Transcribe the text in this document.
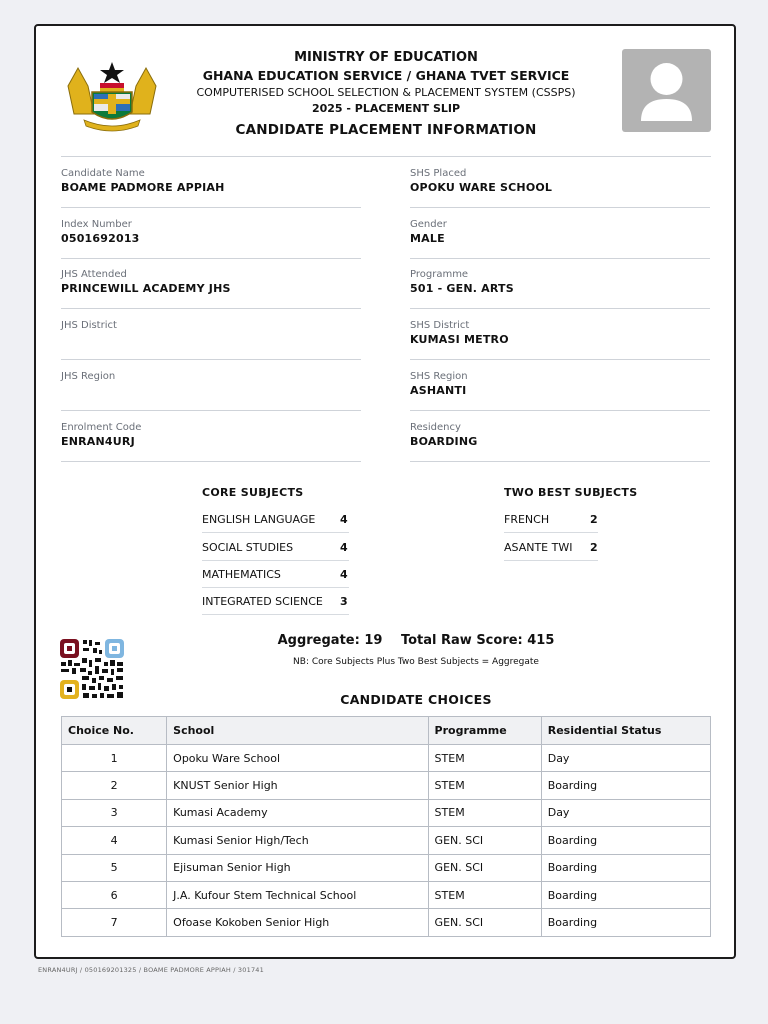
MINISTRY OF EDUCATION
GHANA EDUCATION SERVICE / GHANA TVET SERVICE
COMPUTERISED SCHOOL SELECTION & PLACEMENT SYSTEM (CSSPS)
2025 - PLACEMENT SLIP
CANDIDATE PLACEMENT INFORMATION
Candidate Name
BOAME PADMORE APPIAH
Index Number
0501692013
JHS Attended
PRINCEWILL ACADEMY JHS
JHS District
JHS Region
Enrolment Code
ENRAN4URJ
SHS Placed
OPOKU WARE SCHOOL
Gender
MALE
Programme
501 - GEN. ARTS
SHS District
KUMASI METRO
SHS Region
ASHANTI
Residency
BOARDING
CORE SUBJECTS
ENGLISH LANGUAGE 4
SOCIAL STUDIES	4
MATHEMATICS	4
INTEGRATED SCIENCE 3
TWO BEST SUBJECTS
FRENCH	2
ASANTE TWI 2
Aggregate: 19 Total Raw Score: 415
NB: Core Subjects Plus Two Best Subjects = Aggregate
CANDIDATE CHOICES
Choice No.	School	Programme	Residential Status
1	Opoku Ware School	STEM	Day
2	KNUST Senior High	STEM	Boarding
3	Kumasi Academy	STEM	Day
4	Kumasi Senior High/Tech	GEN. SCI	Boarding
5	Ejisuman Senior High	GEN. SCI	Boarding
6	J.A. Kufour Stem Technical School	STEM	Boarding
7	Ofoase Kokoben Senior High	GEN. SCI	Boarding
ENRAN4URJ / 050169201325 / BOAME PADMORE APPIAH / 301741
